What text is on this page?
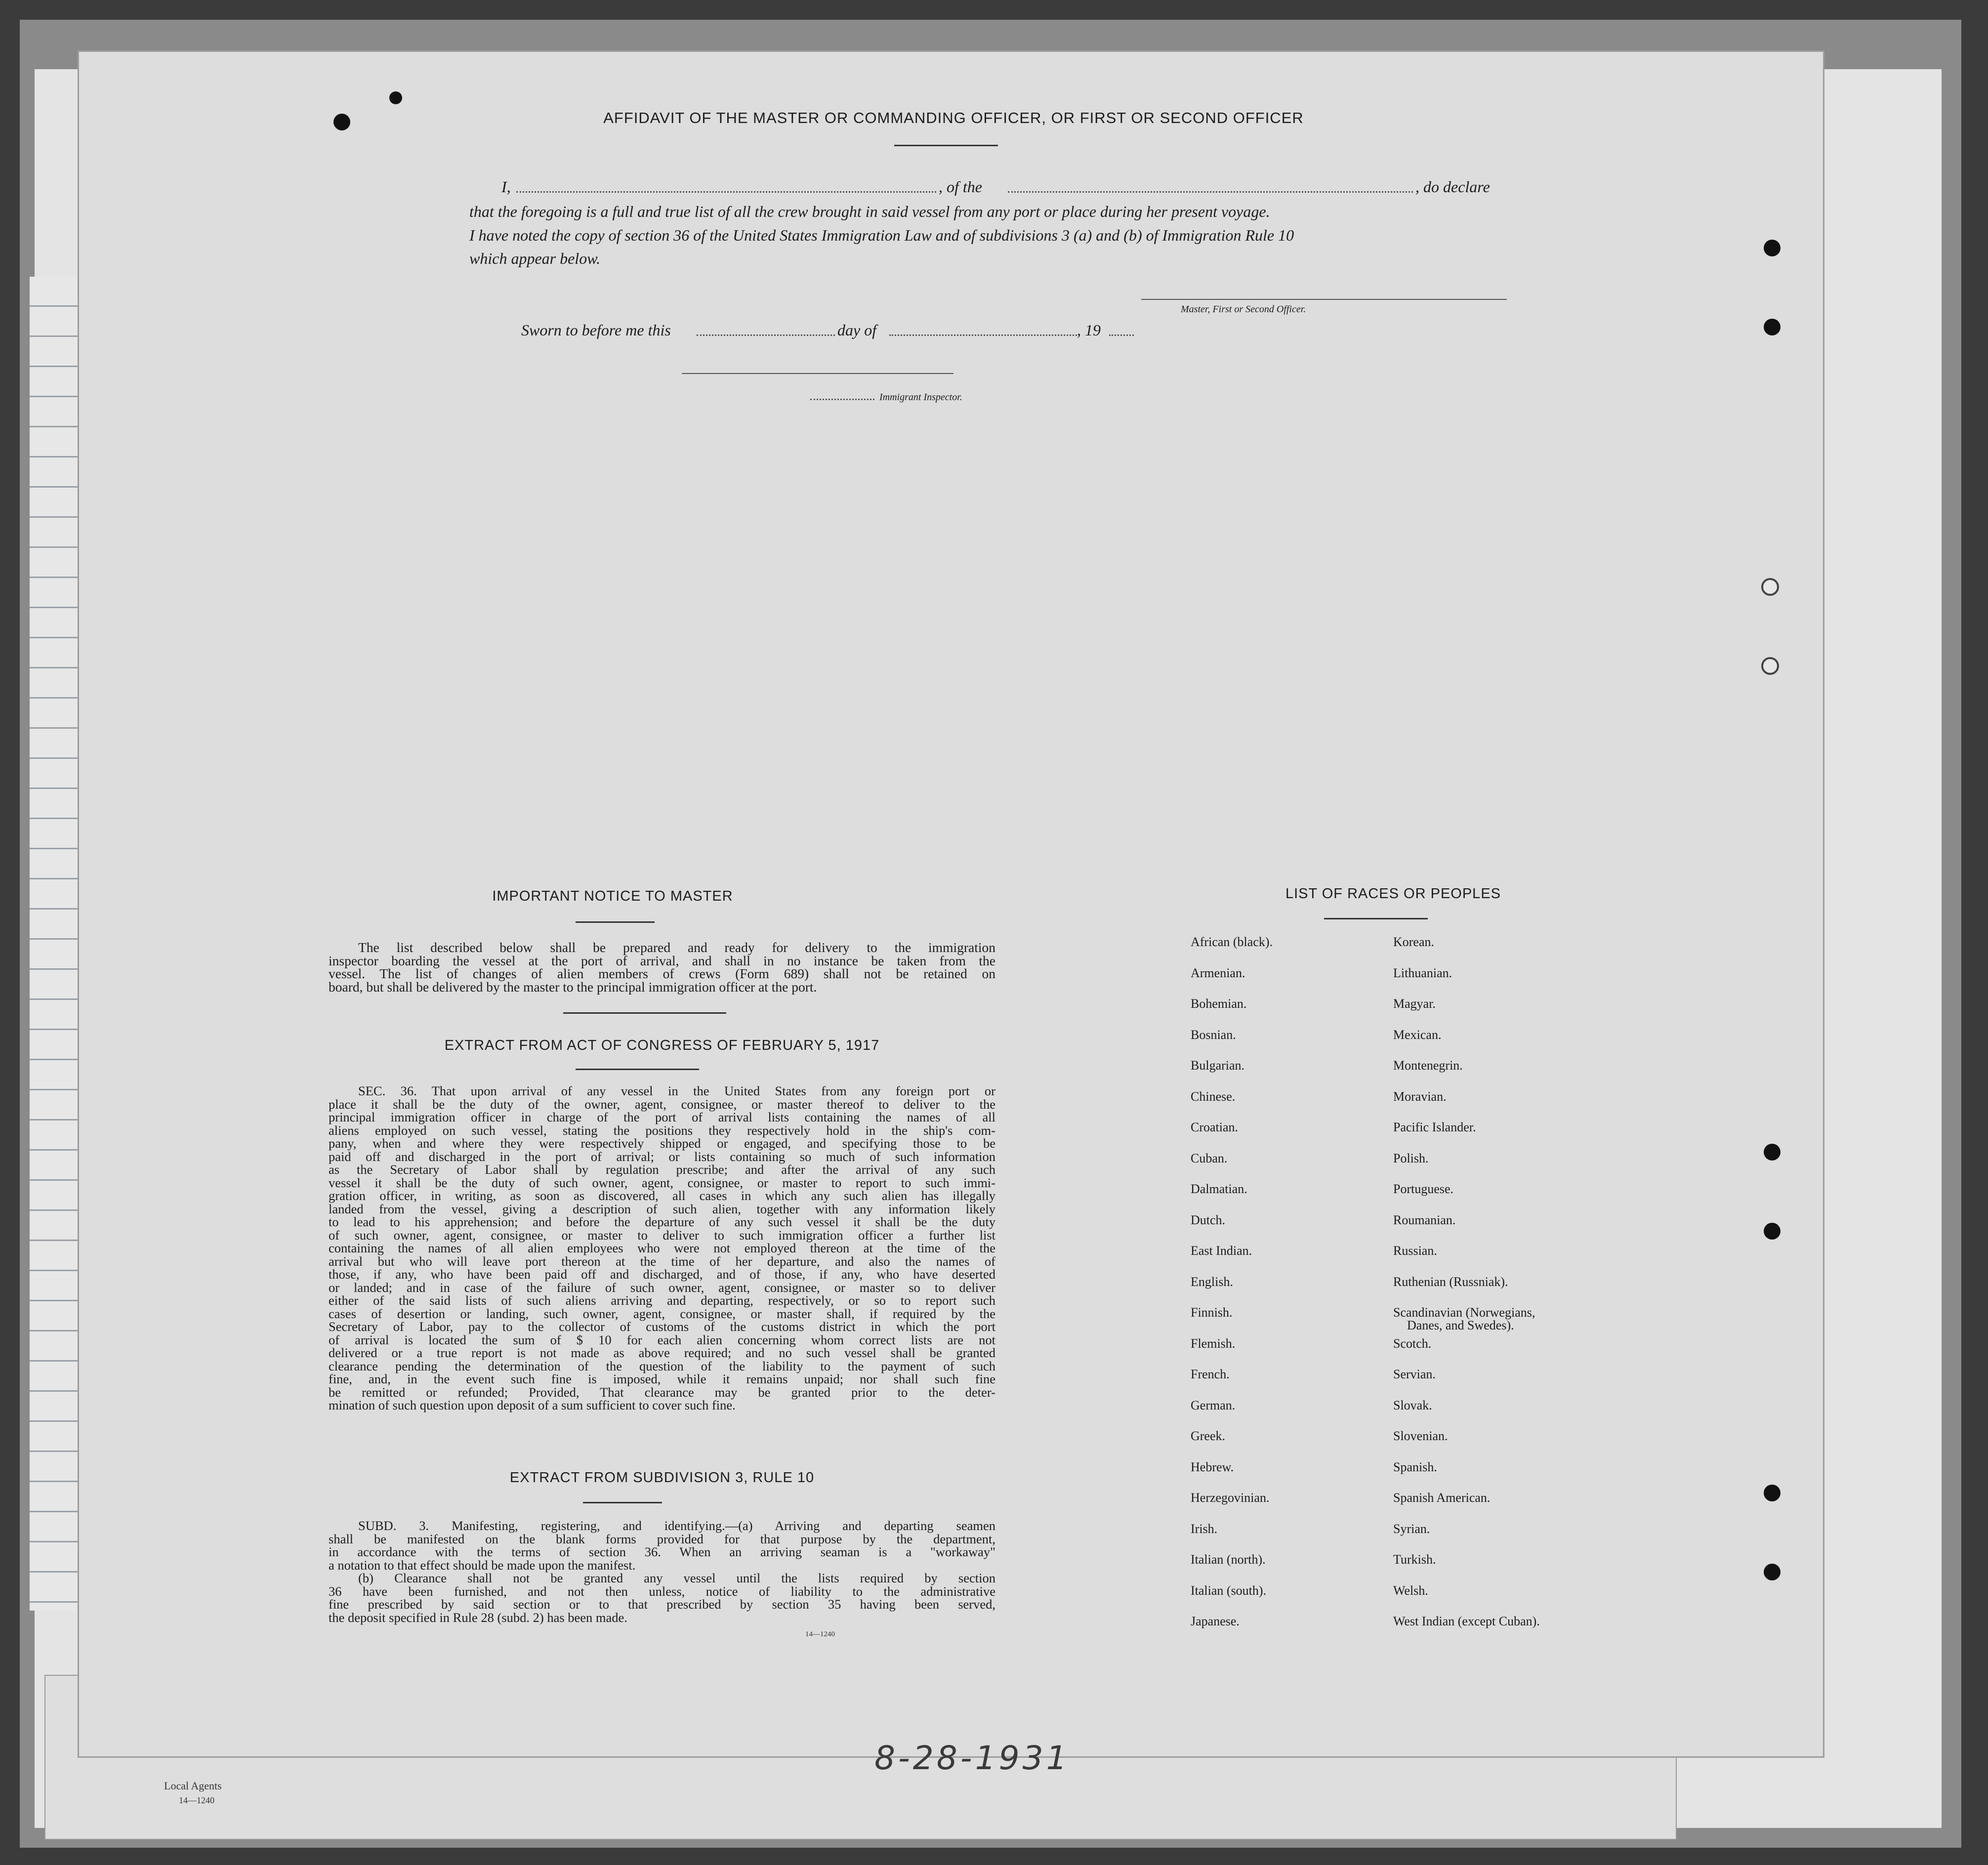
Local Agents
14—1240
AFFIDAVIT OF THE MASTER OR COMMANDING OFFICER, OR FIRST OR SECOND OFFICER
I,	, of the	, do declare
that the foregoing is a full and true list of all the crew brought in said vessel from any port or place during her present voyage.
I have noted the copy of section 36 of the United States Immigration Law and of subdivisions 3 (a) and (b) of Immigration Rule 10
which appear below.
Master, First or Second Officer.
Sworn to before me this	day of	, 19
Immigrant Inspector.
IMPORTANT NOTICE TO MASTER
The list described below shall be prepared and ready for delivery to the immigration
inspector boarding the vessel at the port of arrival, and shall in no instance be taken from the
vessel. The list of changes of alien members of crews (Form 689) shall not be retained on
board, but shall be delivered by the master to the principal immigration officer at the port.
EXTRACT FROM ACT OF CONGRESS OF FEBRUARY 5, 1917
SEC. 36. That upon arrival of any vessel in the United States from any foreign port or
place it shall be the duty of the owner, agent, consignee, or master thereof to deliver to the
principal immigration officer in charge of the port of arrival lists containing the names of all
aliens employed on such vessel, stating the positions they respectively hold in the ship's com-
pany, when and where they were respectively shipped or engaged, and specifying those to be
paid off and discharged in the port of arrival; or lists containing so much of such information
as the Secretary of Labor shall by regulation prescribe; and after the arrival of any such
vessel it shall be the duty of such owner, agent, consignee, or master to report to such immi-
gration officer, in writing, as soon as discovered, all cases in which any such alien has illegally
landed from the vessel, giving a description of such alien, together with any information likely
to lead to his apprehension; and before the departure of any such vessel it shall be the duty
of such owner, agent, consignee, or master to deliver to such immigration officer a further list
containing the names of all alien employees who were not employed thereon at the time of the
arrival but who will leave port thereon at the time of her departure, and also the names of
those, if any, who have been paid off and discharged, and of those, if any, who have deserted
or landed; and in case of the failure of such owner, agent, consignee, or master so to deliver
either of the said lists of such aliens arriving and departing, respectively, or so to report such
cases of desertion or landing, such owner, agent, consignee, or master shall, if required by the
Secretary of Labor, pay to the collector of customs of the customs district in which the port
of arrival is located the sum of $ 10 for each alien concerning whom correct lists are not
delivered or a true report is not made as above required; and no such vessel shall be granted
clearance pending the determination of the question of the liability to the payment of such
fine, and, in the event such fine is imposed, while it remains unpaid; nor shall such fine
be remitted or refunded; Provided, That clearance may be granted prior to the deter-
mination of such question upon deposit of a sum sufficient to cover such fine.
EXTRACT FROM SUBDIVISION 3, RULE 10
SUBD. 3. Manifesting, registering, and identifying.—(a) Arriving and departing seamen
shall be manifested on the blank forms provided for that purpose by the department,
in accordance with the terms of section 36. When an arriving seaman is a "workaway"
a notation to that effect should be made upon the manifest.
(b) Clearance shall not be granted any vessel until the lists required by section
36 have been furnished, and not then unless, notice of liability to the administrative
fine prescribed by said section or to that prescribed by section 35 having been served,
the deposit specified in Rule 28 (subd. 2) has been made.
14—1240
LIST OF RACES OR PEOPLES
African (black).
Armenian.
Bohemian.
Bosnian.
Bulgarian.
Chinese.
Croatian.
Cuban.
Dalmatian.
Dutch.
East Indian.
English.
Finnish.
Flemish.
French.
German.
Greek.
Hebrew.
Herzegovinian.
Irish.
Italian (north).
Italian (south).
Japanese.
Korean.
Lithuanian.
Magyar.
Mexican.
Montenegrin.
Moravian.
Pacific Islander.
Polish.
Portuguese.
Roumanian.
Russian.
Ruthenian (Russniak).
Scandinavian (Norwegians,
Danes, and Swedes).
Scotch.
Servian.
Slovak.
Slovenian.
Spanish.
Spanish American.
Syrian.
Turkish.
Welsh.
West Indian (except Cuban).
8-28-1931
